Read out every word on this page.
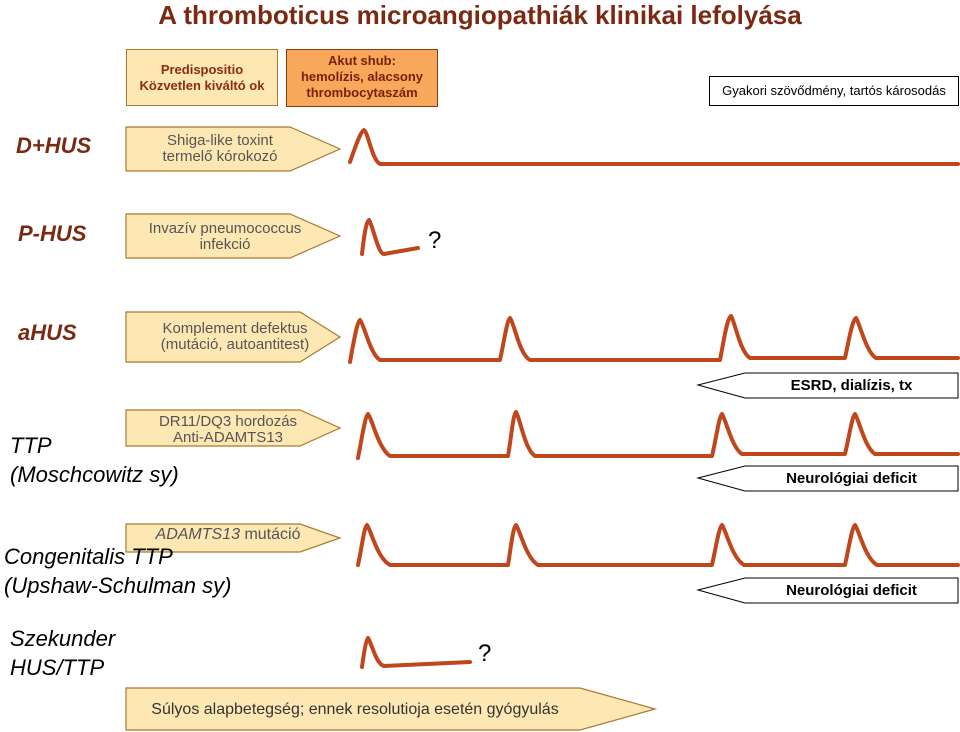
A thromboticus microangiopathiák klinikai lefolyása
Predispositio
Közvetlen kiváltó ok
Akut shub:
hemolízis, alacsony
thrombocytaszám	Gyakori szövődmény, tartós károsodás
D+HUS
P-HUS
aHUS
TTP
(Moschcowitz sy)
Congenitalis TTP
(Upshaw-Schulman sy)
Szekunder
HUS/TTP
Shiga-like toxint
termelő kórokozó
Invazív pneumococcus
infekció
Komplement defektus
(mutáció, autoantitest)
DR11/DQ3 hordozás
Anti-ADAMTS13
ADAMTS13 mutáció
Súlyos alapbetegség; ennek resolutioja esetén gyógyulás
ESRD, dialízis, tx
Neurológiai deficit
Neurológiai deficit
?
?
